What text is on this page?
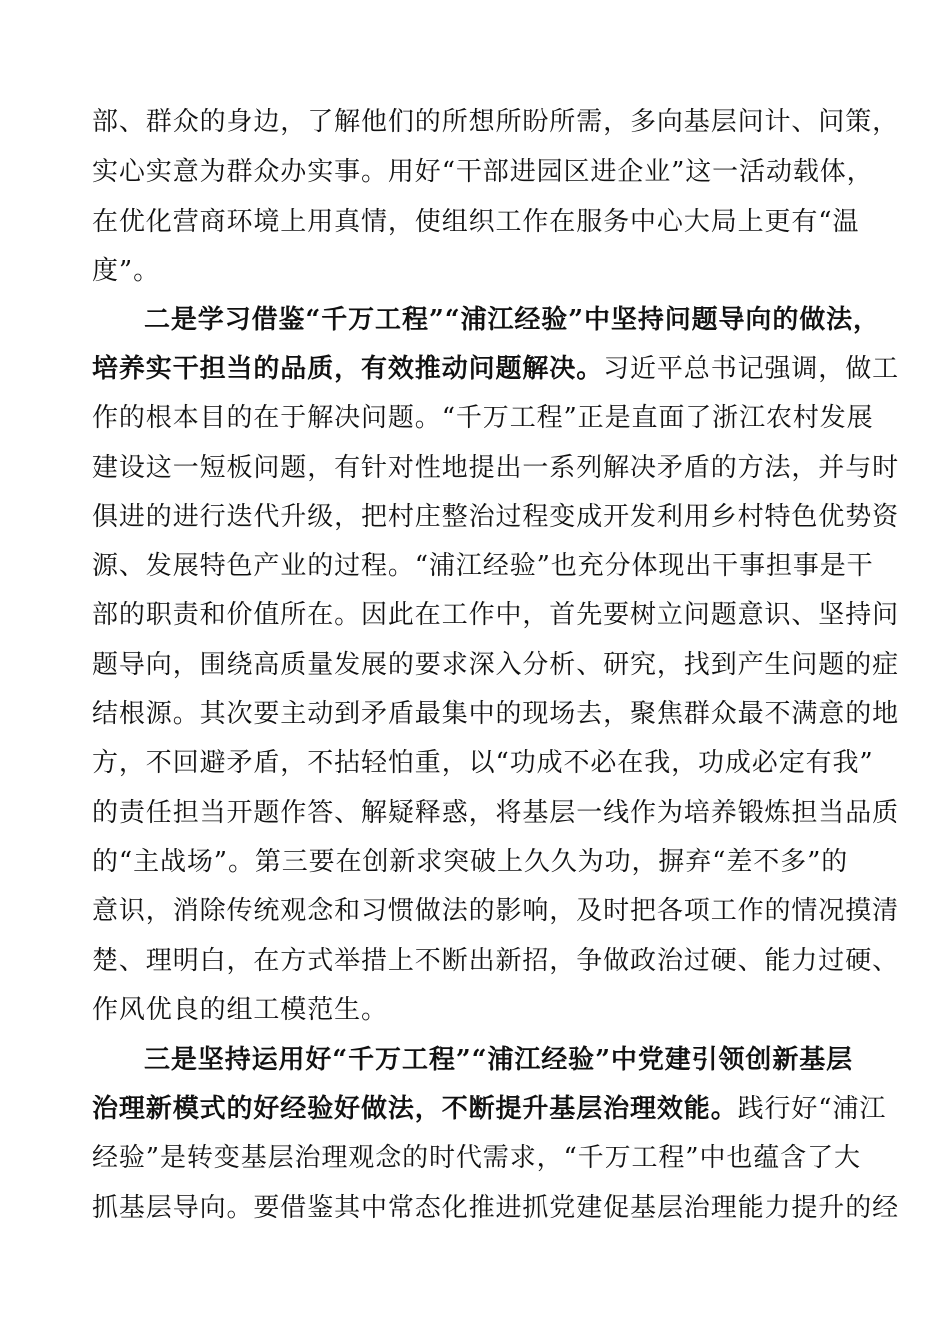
部、群众的身边，了解他们的所想所盼所需，多向基层问计、问策，
实心实意为群众办实事。用好“干部进园区进企业”这一活动载体，
在优化营商环境上用真情，使组织工作在服务中心大局上更有“温
度”。
二是学习借鉴“千万工程”“浦江经验”中坚持问题导向的做法，
培养实干担当的品质，有效推动问题解决。习近平总书记强调，做工
作的根本目的在于解决问题。“千万工程”正是直面了浙江农村发展
建设这一短板问题，有针对性地提出一系列解决矛盾的方法，并与时
俱进的进行迭代升级，把村庄整治过程变成开发利用乡村特色优势资
源、发展特色产业的过程。“浦江经验”也充分体现出干事担事是干
部的职责和价值所在。因此在工作中，首先要树立问题意识、坚持问
题导向，围绕高质量发展的要求深入分析、研究，找到产生问题的症
结根源。其次要主动到矛盾最集中的现场去，聚焦群众最不满意的地
方，不回避矛盾，不拈轻怕重，以“功成不必在我，功成必定有我”
的责任担当开题作答、解疑释惑，将基层一线作为培养锻炼担当品质
的“主战场”。第三要在创新求突破上久久为功，摒弃“差不多”的
意识，消除传统观念和习惯做法的影响，及时把各项工作的情况摸清
楚、理明白，在方式举措上不断出新招，争做政治过硬、能力过硬、
作风优良的组工模范生。
三是坚持运用好“千万工程”“浦江经验”中党建引领创新基层
治理新模式的好经验好做法，不断提升基层治理效能。践行好“浦江
经验”是转变基层治理观念的时代需求，“千万工程”中也蕴含了大
抓基层导向。要借鉴其中常态化推进抓党建促基层治理能力提升的经
